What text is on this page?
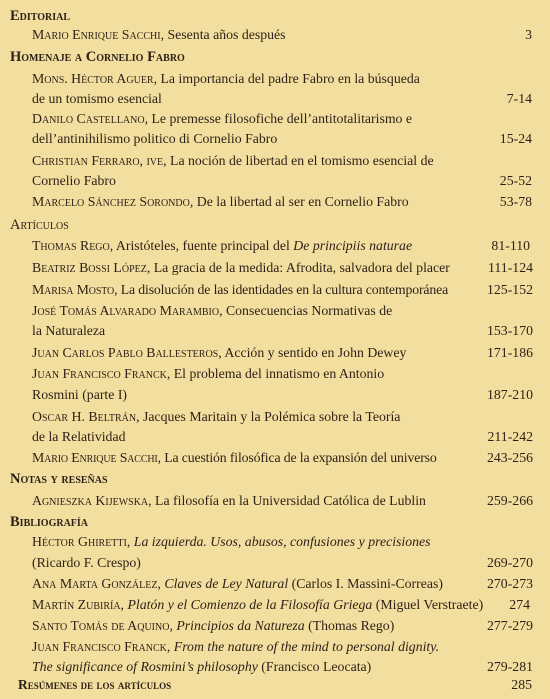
Editorial
Mario Enrique Sacchi, Sesenta años después	3
Homenaje a Cornelio Fabro
Mons. Héctor Aguer, La importancia del padre Fabro en la búsqueda
de un tomismo esencial	7-14
Danilo Castellano, Le premesse filosofiche dell’antitotalitarismo e
dell’antinihilismo politico di Cornelio Fabro	15-24
Christian Ferraro, ive, La noción de libertad en el tomismo esencial de
Cornelio Fabro	25-52
Marcelo Sánchez Sorondo, De la libertad al ser en Cornelio Fabro	53-78
Artículos
Thomas Rego, Aristóteles, fuente principal del De principiis naturae	81-110
Beatriz Bossi López, La gracia de la medida: Afrodita, salvadora del placer	111-124
Marisa Mosto, La disolución de las identidades en la cultura contemporánea	125-152
José Tomás Alvarado Marambio, Consecuencias Normativas de
la Naturaleza	153-170
Juan Carlos Pablo Ballesteros, Acción y sentido en John Dewey	171-186
Juan Francisco Franck, El problema del innatismo en Antonio
Rosmini (parte I)	187-210
Oscar H. Beltrán, Jacques Maritain y la Polémica sobre la Teoría
de la Relatividad	211-242
Mario Enrique Sacchi, La cuestión filosófica de la expansión del universo	243-256
Notas y reseñas
Agnieszka Kijewska, La filosofía en la Universidad Católica de Lublin	259-266
Bibliografía
Héctor Ghiretti, La izquierda. Usos, abusos, confusiones y precisiones
(Ricardo F. Crespo)	269-270
Ana Marta González, Claves de Ley Natural (Carlos I. Massini-Correas)	270-273
Martín Zubiría, Platón y el Comienzo de la Filosofía Griega (Miguel Verstraete) 274
Santo Tomás de Aquino, Principios da Natureza (Thomas Rego)	277-279
Juan Francisco Franck, From the nature of the mind to personal dignity.
The significance of Rosmini’s philosophy (Francisco Leocata)	279-281
Resúmenes de los artículos	285
